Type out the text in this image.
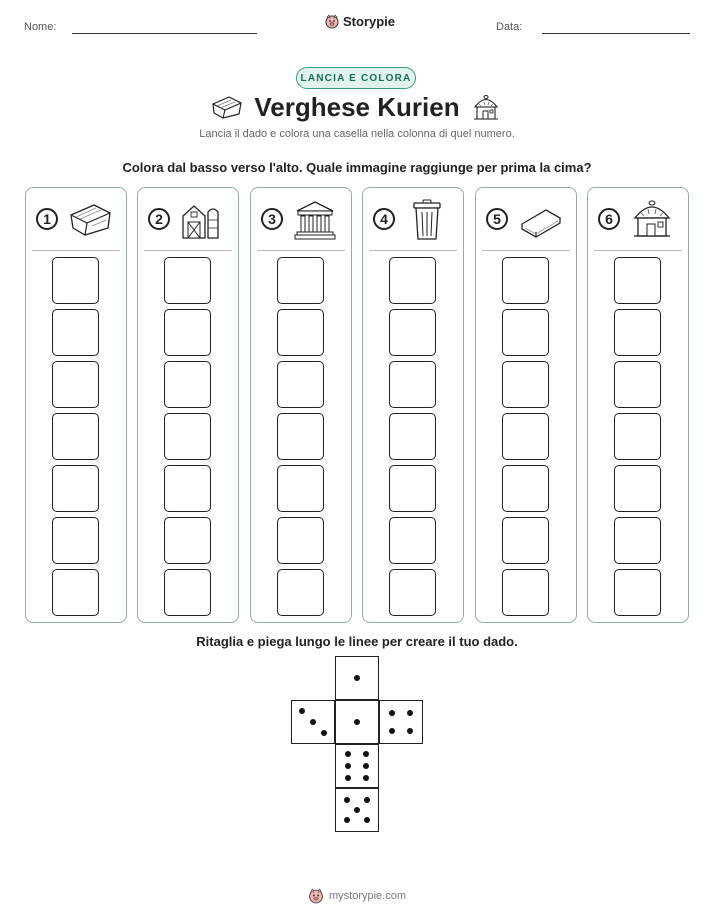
Nome:	Storypie	Data:
LANCIA E COLORA
Verghese Kurien
Lancia il dado e colora una casella nella colonna di quel numero.
Colora dal basso verso l'alto. Quale immagine raggiunge per prima la cima?
1	2	3	4	5	6
Ritaglia e piega lungo le linee per creare il tuo dado.
mystorypie.com
